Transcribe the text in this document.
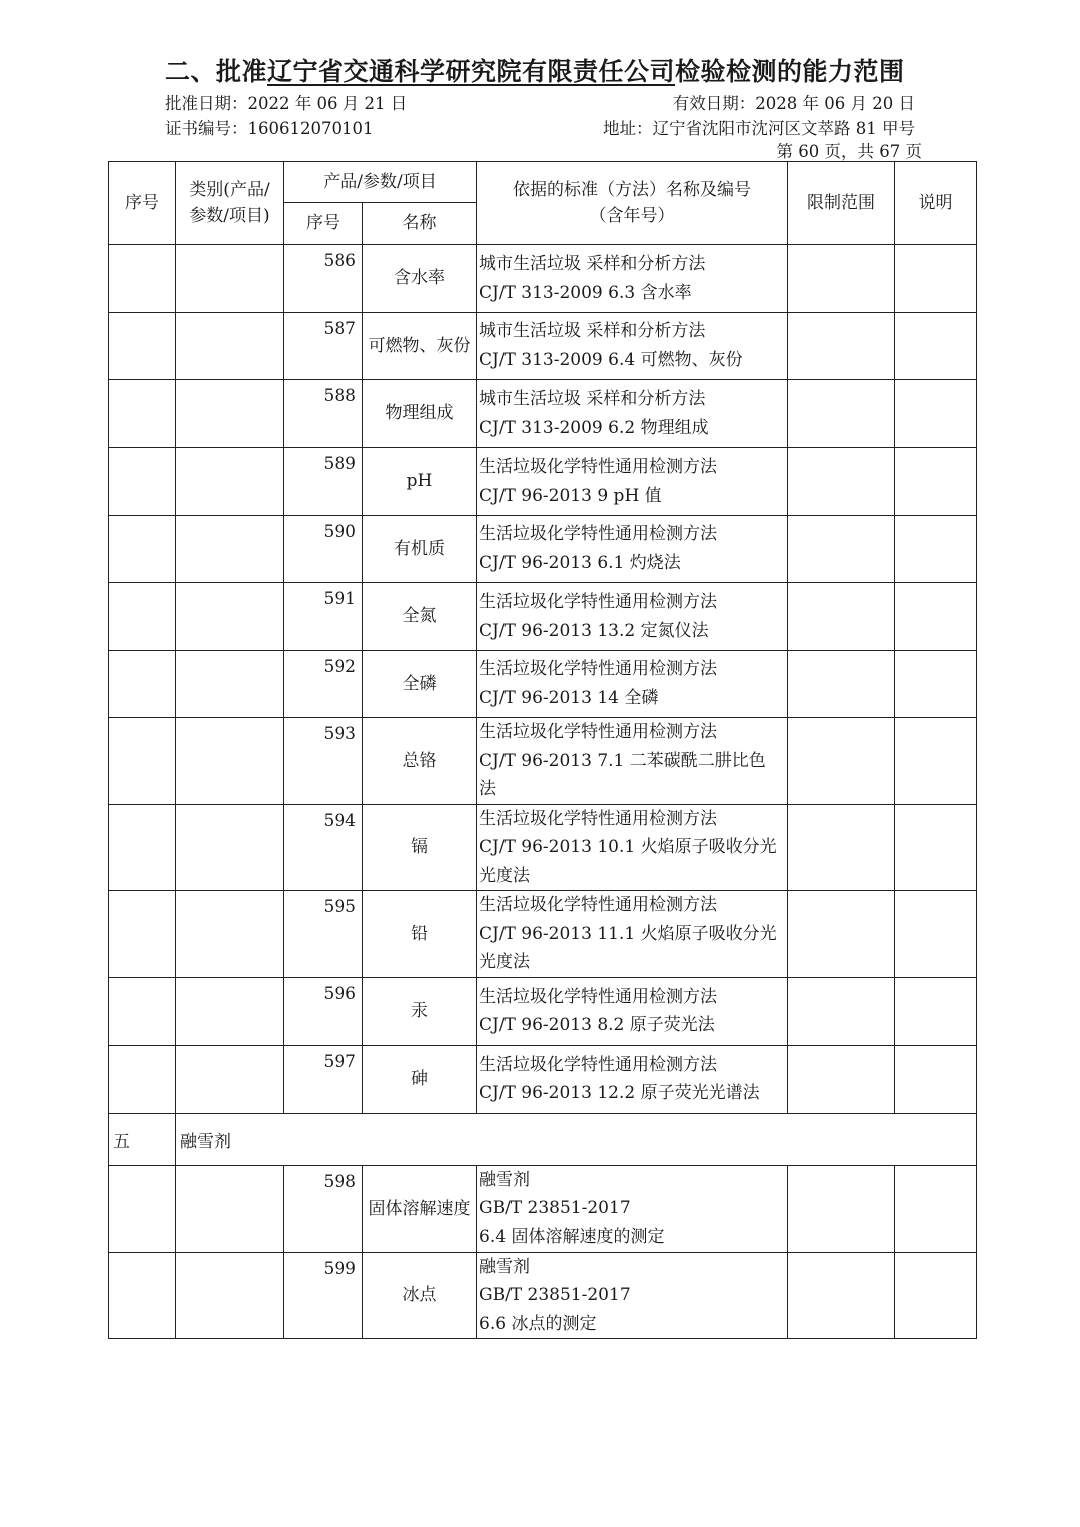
二、批准辽宁省交通科学研究院有限责任公司检验检测的能力范围
批准日期：2022 年 06 月 21 日	有效日期：2028 年 06 月 20 日
证书编号：160612070101	地址：辽宁省沈阳市沈河区文萃路 81 甲号
第 60 页，共 67 页
序号	类别(产品/参数/项目)	产品/参数/项目		依据的标准（方法）名称及编号（含年号）	限制范围	说明
		序号	名称			
		586	含水率	城市生活垃圾 采样和分析方法
CJ/T 313-2009 6.3 含水率		

		587	可燃物、灰份	城市生活垃圾 采样和分析方法
CJ/T 313-2009 6.4 可燃物、灰份		

		588	物理组成	城市生活垃圾 采样和分析方法
CJ/T 313-2009 6.2 物理组成		

		589	pH	生活垃圾化学特性通用检测方法
CJ/T 96-2013 9 pH 值		

		590	有机质	生活垃圾化学特性通用检测方法
CJ/T 96-2013 6.1 灼烧法		

		591	全氮	生活垃圾化学特性通用检测方法
CJ/T 96-2013 13.2 定氮仪法		

		592	全磷	生活垃圾化学特性通用检测方法
CJ/T 96-2013 14 全磷		

		593	总铬	生活垃圾化学特性通用检测方法
CJ/T 96-2013 7.1 二苯碳酰二肼比色
法		

		594	镉	生活垃圾化学特性通用检测方法
CJ/T 96-2013 10.1 火焰原子吸收分光
光度法		

		595	铅	生活垃圾化学特性通用检测方法
CJ/T 96-2013 11.1 火焰原子吸收分光
光度法		

		596	汞	生活垃圾化学特性通用检测方法
CJ/T 96-2013 8.2 原子荧光法		

		597	砷	生活垃圾化学特性通用检测方法
CJ/T 96-2013 12.2 原子荧光光谱法		

五	融雪剂					
		598	固体溶解速度	融雪剂
GB/T 23851-2017
6.4 固体溶解速度的测定		

		599	冰点	融雪剂
GB/T 23851-2017
6.6 冰点的测定		
